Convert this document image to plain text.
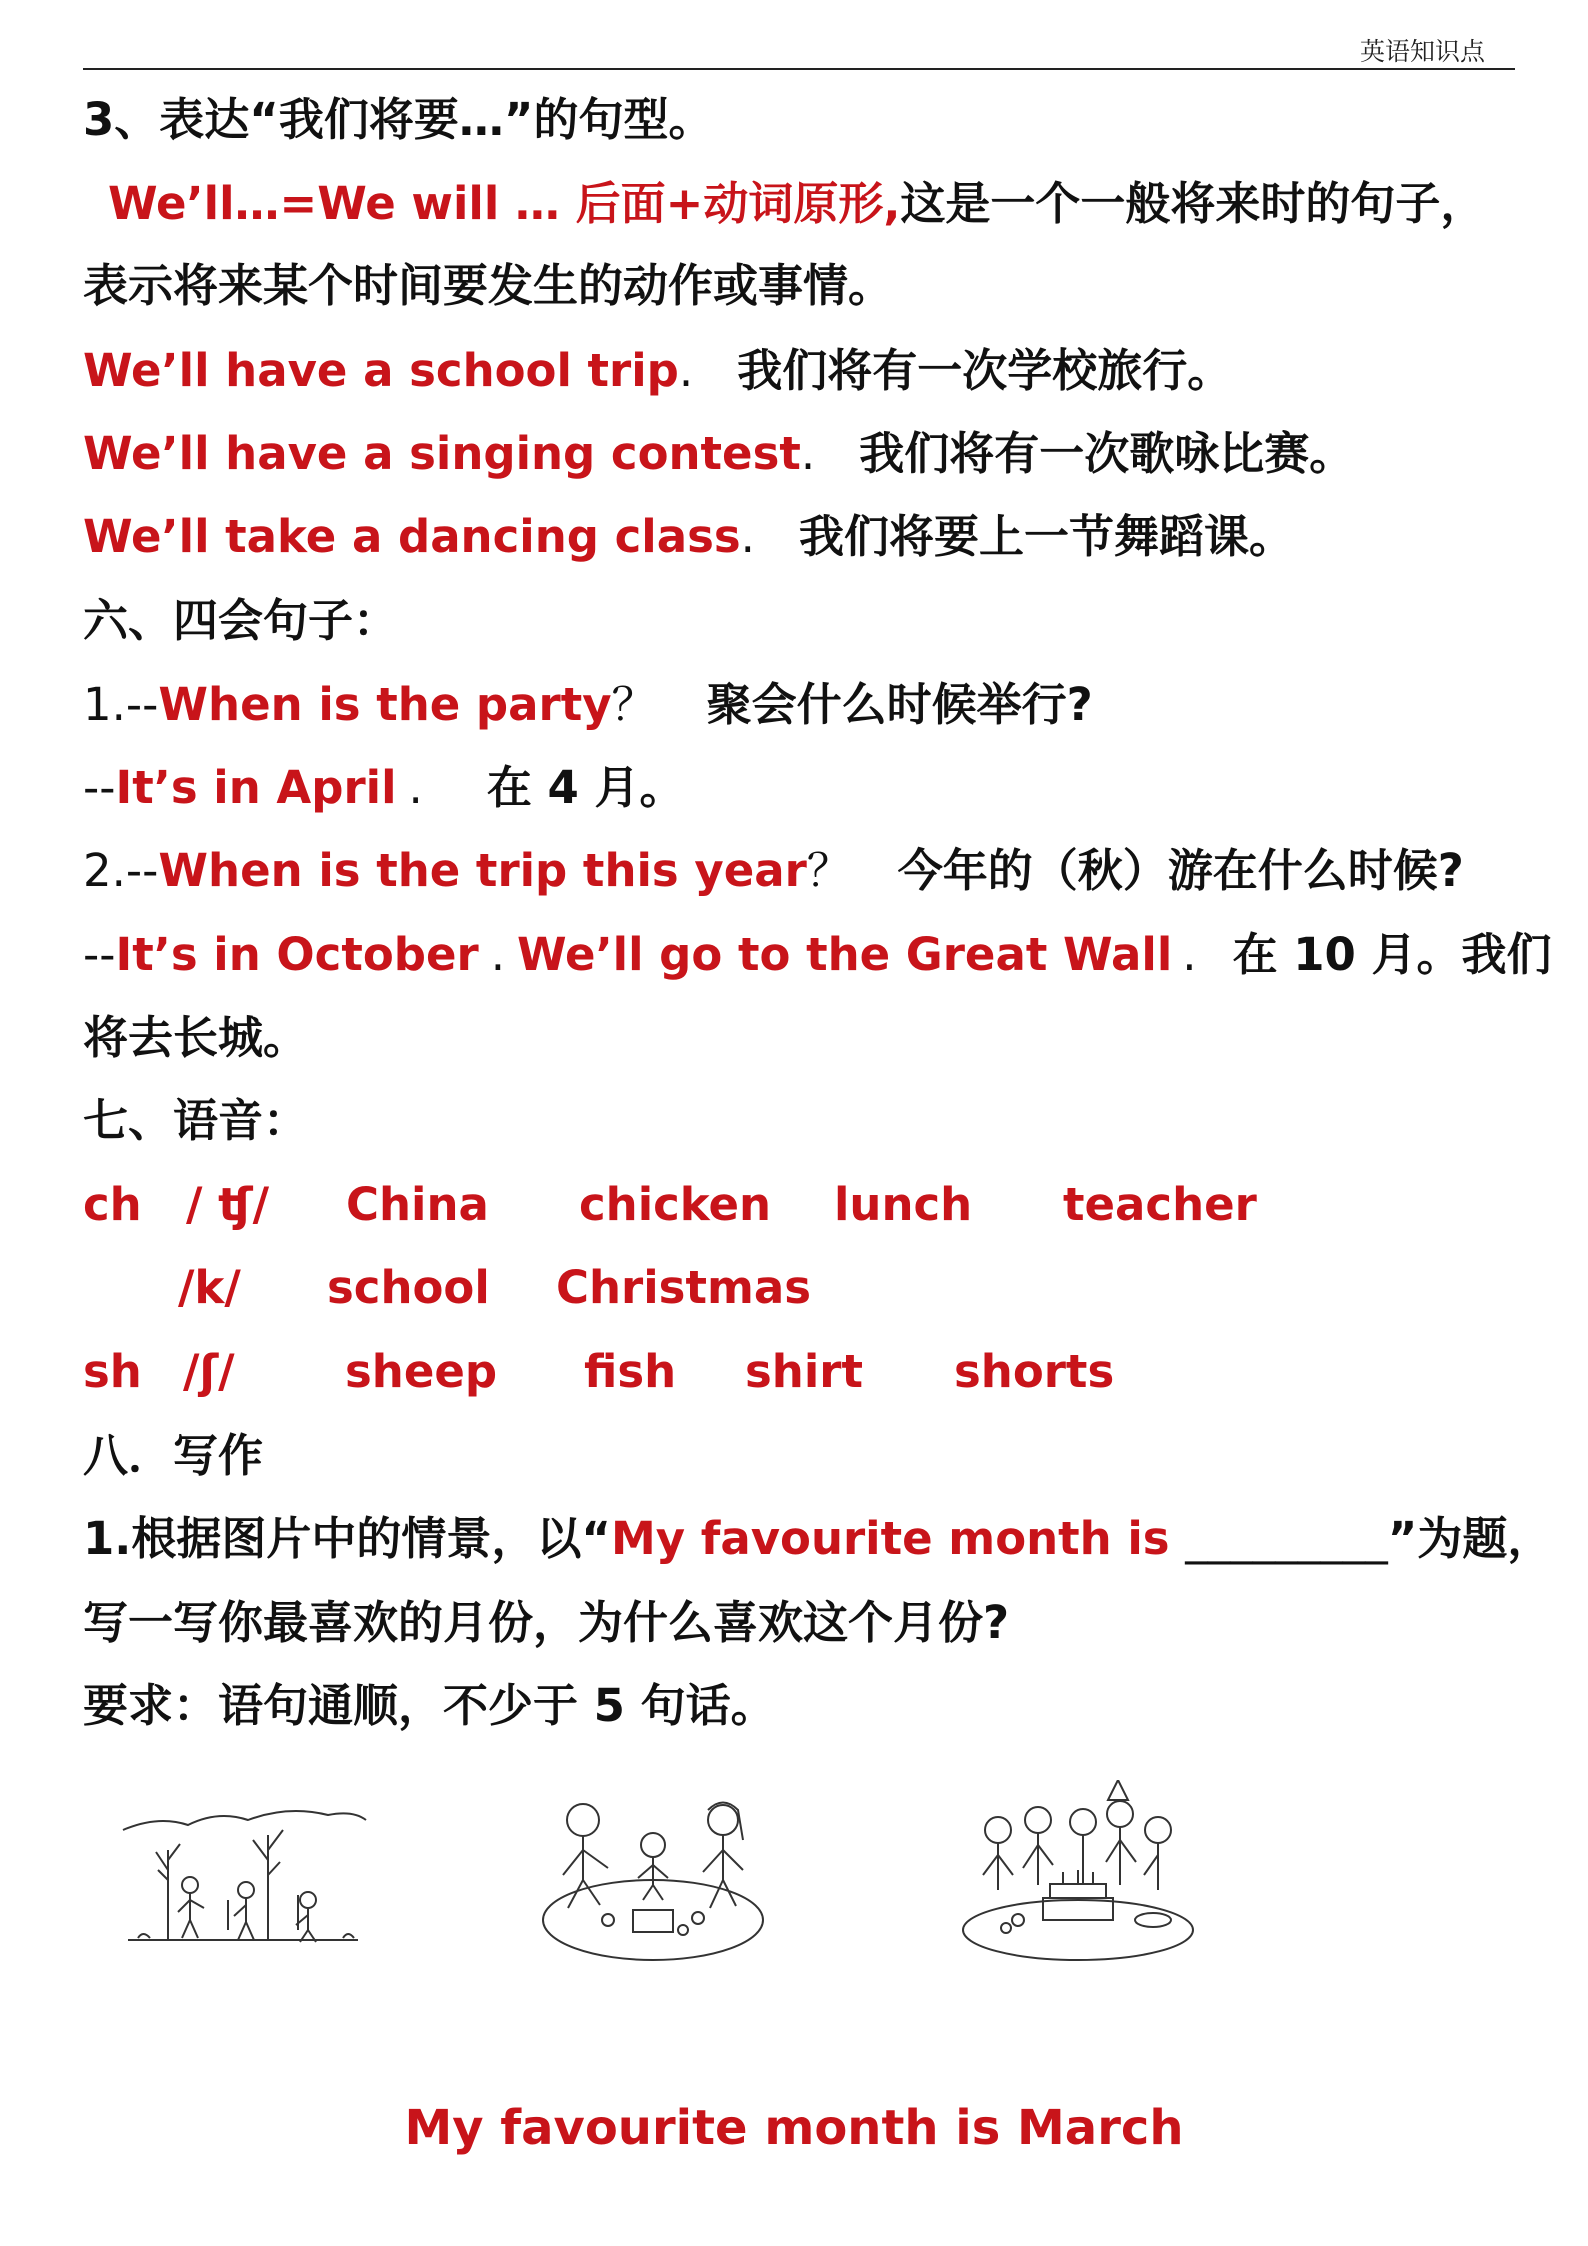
英语知识点
3、表达“我们将要…”的句型。
We’ll…=We will … 后面+动词原形,这是一个一般将来时的句子，
表示将来某个时间要发生的动作或事情。
We’ll have a school trip. 我们将有一次学校旅行。
We’ll have a singing contest. 我们将有一次歌咏比赛。
We’ll take a dancing class. 我们将要上一节舞蹈课。
六、四会句子：
1.--When is the party？ 聚会什么时候举行?
--It’s in April . 在 4 月。
2.--When is the trip this year？ 今年的（秋）游在什么时候?
--It’s in October . We’ll go to the Great Wall . 在 10 月。我们
将去长城。
七、语音：
ch / ʧ/ China chicken lunch teacher
/k/ school Christmas
sh /ʃ/ sheep fish shirt shorts
八．写作
1.根据图片中的情景，以“My favourite month is _________”为题，
写一写你最喜欢的月份，为什么喜欢这个月份?
要求：语句通顺，不少于 5 句话。
My favourite month is March
